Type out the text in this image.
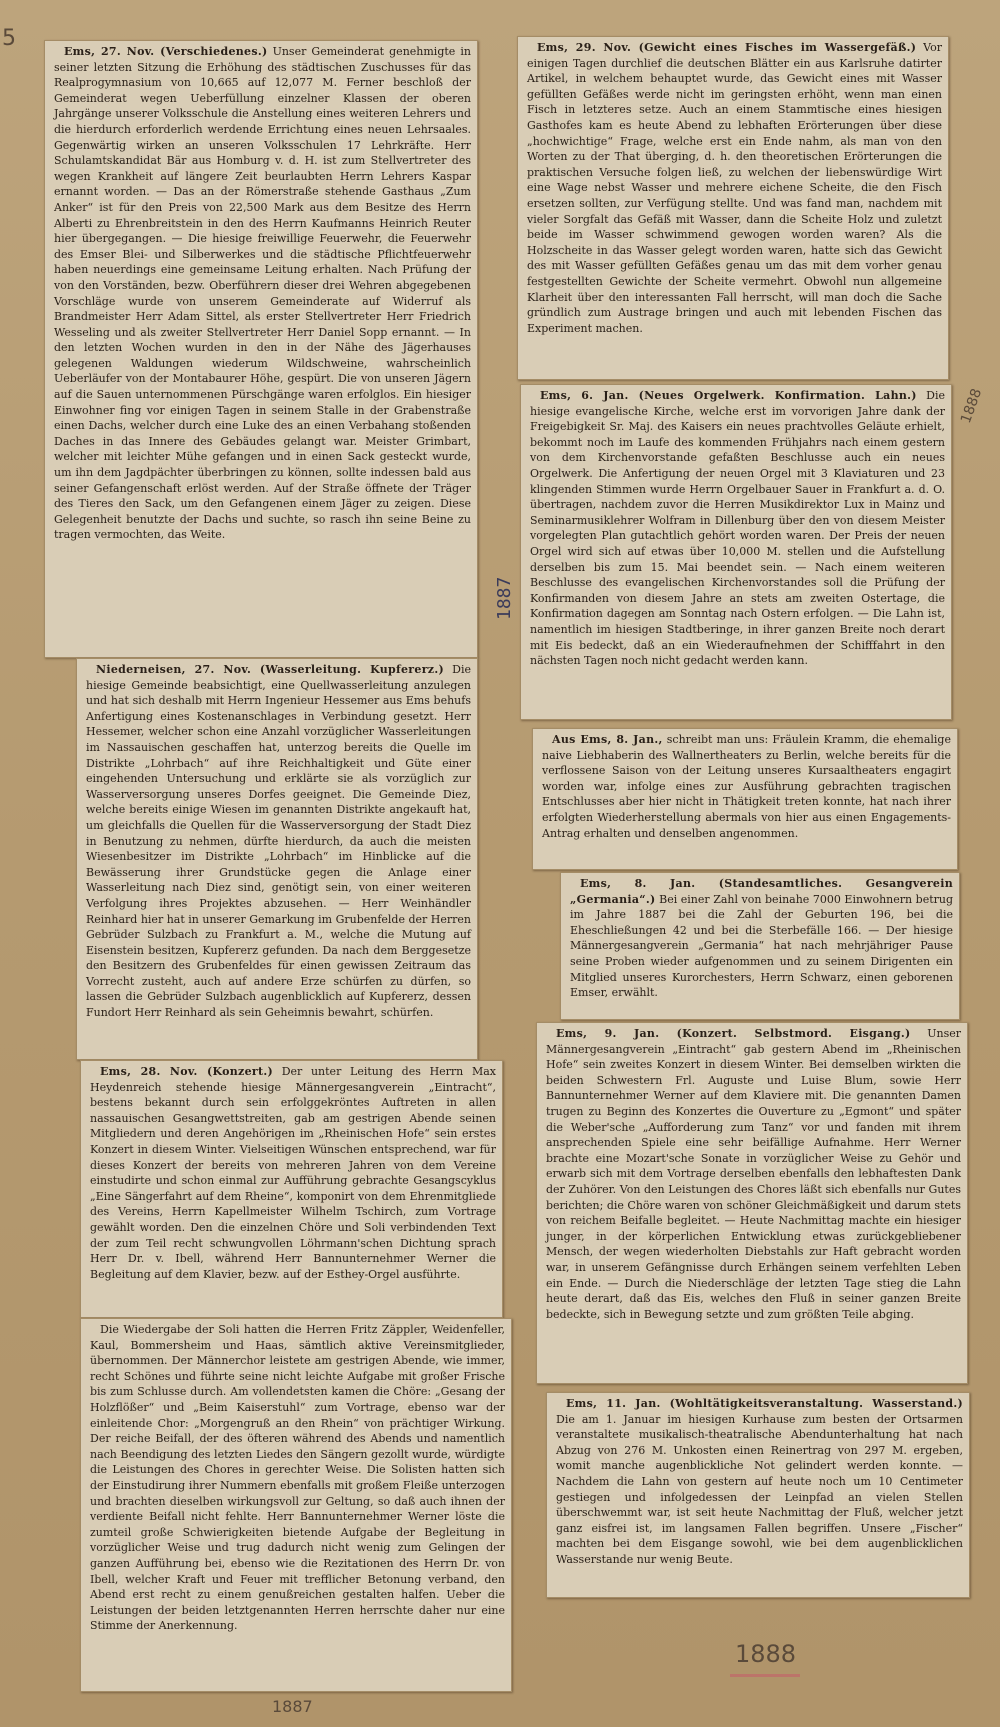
5
1888
1888
1887
1887

Ems, 27. Nov. (Verschiedenes.) Unser Gemeinderat genehmigte in seiner letzten Sitzung die Erhöhung des städtischen Zuschusses für das Realprogymnasium von 10,665 auf 12,077 M. Ferner beschloß der Gemeinderat wegen Ueberfüllung einzelner Klassen der oberen Jahrgänge unserer Volksschule die Anstellung eines weiteren Lehrers und die hierdurch erforderlich werdende Errichtung eines neuen Lehrsaales. Gegenwärtig wirken an unseren Volksschulen 17 Lehrkräfte. Herr Schulamtskandidat Bär aus Homburg v. d. H. ist zum Stellvertreter des wegen Krankheit auf längere Zeit beurlaubten Herrn Lehrers Kaspar ernannt worden. — Das an der Römerstraße stehende Gasthaus „Zum Anker“ ist für den Preis von 22,500 Mark aus dem Besitze des Herrn Alberti zu Ehrenbreitstein in den des Herrn Kaufmanns Heinrich Reuter hier übergegangen. — Die hiesige freiwillige Feuerwehr, die Feuerwehr des Emser Blei- und Silberwerkes und die städtische Pflichtfeuerwehr haben neuerdings eine gemeinsame Leitung erhalten. Nach Prüfung der von den Vorständen, bezw. Oberführern dieser drei Wehren abgegebenen Vorschläge wurde von unserem Gemeinderate auf Widerruf als Brandmeister Herr Adam Sittel, als erster Stellvertreter Herr Friedrich Wesseling und als zweiter Stellvertreter Herr Daniel Sopp ernannt. — In den letzten Wochen wurden in den in der Nähe des Jägerhauses gelegenen Waldungen wiederum Wildschweine, wahrscheinlich Ueberläufer von der Montabaurer Höhe, gespürt. Die von unseren Jägern auf die Sauen unternommenen Pürschgänge waren erfolglos. Ein hiesiger Einwohner fing vor einigen Tagen in seinem Stalle in der Grabenstraße einen Dachs, welcher durch eine Luke des an einen Verbahang stoßenden Daches in das Innere des Gebäudes gelangt war. Meister Grimbart, welcher mit leichter Mühe gefangen und in einen Sack gesteckt wurde, um ihn dem Jagdpächter überbringen zu können, sollte indessen bald aus seiner Gefangenschaft erlöst werden. Auf der Straße öffnete der Träger des Tieres den Sack, um den Gefangenen einem Jäger zu zeigen. Diese Gelegenheit benutzte der Dachs und suchte, so rasch ihn seine Beine zu tragen vermochten, das Weite.

Niederneisen, 27. Nov. (Wasserleitung. Kupfererz.) Die hiesige Gemeinde beabsichtigt, eine Quellwasserleitung anzulegen und hat sich deshalb mit Herrn Ingenieur Hessemer aus Ems behufs Anfertigung eines Kostenanschlages in Verbindung gesetzt. Herr Hessemer, welcher schon eine Anzahl vorzüglicher Wasserleitungen im Nassauischen geschaffen hat, unterzog bereits die Quelle im Distrikte „Lohrbach“ auf ihre Reichhaltigkeit und Güte einer eingehenden Untersuchung und erklärte sie als vorzüglich zur Wasserversorgung unseres Dorfes geeignet. Die Gemeinde Diez, welche bereits einige Wiesen im genannten Distrikte angekauft hat, um gleichfalls die Quellen für die Wasserversorgung der Stadt Diez in Benutzung zu nehmen, dürfte hierdurch, da auch die meisten Wiesenbesitzer im Distrikte „Lohrbach“ im Hinblicke auf die Bewässerung ihrer Grundstücke gegen die Anlage einer Wasserleitung nach Diez sind, genötigt sein, von einer weiteren Verfolgung ihres Projektes abzusehen. — Herr Weinhändler Reinhard hier hat in unserer Gemarkung im Grubenfelde der Herren Gebrüder Sulzbach zu Frankfurt a. M., welche die Mutung auf Eisenstein besitzen, Kupfererz gefunden. Da nach dem Berggesetze den Besitzern des Grubenfeldes für einen gewissen Zeitraum das Vorrecht zusteht, auch auf andere Erze schürfen zu dürfen, so lassen die Gebrüder Sulzbach augenblicklich auf Kupfererz, dessen Fundort Herr Reinhard als sein Geheimnis bewahrt, schürfen.

Ems, 28. Nov. (Konzert.) Der unter Leitung des Herrn Max Heydenreich stehende hiesige Männergesangverein „Eintracht“, bestens bekannt durch sein erfolggekröntes Auftreten in allen nassauischen Gesangwettstreiten, gab am gestrigen Abende seinen Mitgliedern und deren Angehörigen im „Rheinischen Hofe“ sein erstes Konzert in diesem Winter. Vielseitigen Wünschen entsprechend, war für dieses Konzert der bereits von mehreren Jahren von dem Vereine einstudirte und schon einmal zur Aufführung gebrachte Gesangscyklus „Eine Sängerfahrt auf dem Rheine“, komponirt von dem Ehrenmitgliede des Vereins, Herrn Kapellmeister Wilhelm Tschirch, zum Vortrage gewählt worden. Den die einzelnen Chöre und Soli verbindenden Text der zum Teil recht schwungvollen Löhrmann'schen Dichtung sprach Herr Dr. v. Ibell, während Herr Bannunternehmer Werner die Begleitung auf dem Klavier, bezw. auf der Esthey-Orgel ausführte.

Die Wiedergabe der Soli hatten die Herren Fritz Zäppler, Weidenfeller, Kaul, Bommersheim und Haas, sämtlich aktive Vereinsmitglieder, übernommen. Der Männerchor leistete am gestrigen Abende, wie immer, recht Schönes und führte seine nicht leichte Aufgabe mit großer Frische bis zum Schlusse durch. Am vollendetsten kamen die Chöre: „Gesang der Holzflößer“ und „Beim Kaiserstuhl“ zum Vortrage, ebenso war der einleitende Chor: „Morgengruß an den Rhein“ von prächtiger Wirkung. Der reiche Beifall, der des öfteren während des Abends und namentlich nach Beendigung des letzten Liedes den Sängern gezollt wurde, würdigte die Leistungen des Chores in gerechter Weise. Die Solisten hatten sich der Einstudirung ihrer Nummern ebenfalls mit großem Fleiße unterzogen und brachten dieselben wirkungsvoll zur Geltung, so daß auch ihnen der verdiente Beifall nicht fehlte. Herr Bannunternehmer Werner löste die zumteil große Schwierigkeiten bietende Aufgabe der Begleitung in vorzüglicher Weise und trug dadurch nicht wenig zum Gelingen der ganzen Aufführung bei, ebenso wie die Rezitationen des Herrn Dr. von Ibell, welcher Kraft und Feuer mit trefflicher Betonung verband, den Abend erst recht zu einem genußreichen gestalten halfen. Ueber die Leistungen der beiden letztgenannten Herren herrschte daher nur eine Stimme der Anerkennung.

Ems, 29. Nov. (Gewicht eines Fisches im Wassergefäß.) Vor einigen Tagen durchlief die deutschen Blätter ein aus Karlsruhe datirter Artikel, in welchem behauptet wurde, das Gewicht eines mit Wasser gefüllten Gefäßes werde nicht im geringsten erhöht, wenn man einen Fisch in letzteres setze. Auch an einem Stammtische eines hiesigen Gasthofes kam es heute Abend zu lebhaften Erörterungen über diese „hochwichtige“ Frage, welche erst ein Ende nahm, als man von den Worten zu der That überging, d. h. den theoretischen Erörterungen die praktischen Versuche folgen ließ, zu welchen der liebenswürdige Wirt eine Wage nebst Wasser und mehrere eichene Scheite, die den Fisch ersetzen sollten, zur Verfügung stellte. Und was fand man, nachdem mit vieler Sorgfalt das Gefäß mit Wasser, dann die Scheite Holz und zuletzt beide im Wasser schwimmend gewogen worden waren? Als die Holzscheite in das Wasser gelegt worden waren, hatte sich das Gewicht des mit Wasser gefüllten Gefäßes genau um das mit dem vorher genau festgestellten Gewichte der Scheite vermehrt. Obwohl nun allgemeine Klarheit über den interessanten Fall herrscht, will man doch die Sache gründlich zum Austrage bringen und auch mit lebenden Fischen das Experiment machen.

Ems, 6. Jan. (Neues Orgelwerk. Konfirmation. Lahn.) Die hiesige evangelische Kirche, welche erst im vorvorigen Jahre dank der Freigebigkeit Sr. Maj. des Kaisers ein neues prachtvolles Geläute erhielt, bekommt noch im Laufe des kommenden Frühjahrs nach einem gestern von dem Kirchenvorstande gefaßten Beschlusse auch ein neues Orgelwerk. Die Anfertigung der neuen Orgel mit 3 Klaviaturen und 23 klingenden Stimmen wurde Herrn Orgelbauer Sauer in Frankfurt a. d. O. übertragen, nachdem zuvor die Herren Musikdirektor Lux in Mainz und Seminarmusiklehrer Wolfram in Dillenburg über den von diesem Meister vorgelegten Plan gutachtlich gehört worden waren. Der Preis der neuen Orgel wird sich auf etwas über 10,000 M. stellen und die Aufstellung derselben bis zum 15. Mai beendet sein. — Nach einem weiteren Beschlusse des evangelischen Kirchenvorstandes soll die Prüfung der Konfirmanden von diesem Jahre an stets am zweiten Ostertage, die Konfirmation dagegen am Sonntag nach Ostern erfolgen. — Die Lahn ist, namentlich im hiesigen Stadtberinge, in ihrer ganzen Breite noch derart mit Eis bedeckt, daß an ein Wiederaufnehmen der Schifffahrt in den nächsten Tagen noch nicht gedacht werden kann.

Aus Ems, 8. Jan., schreibt man uns: Fräulein Kramm, die ehemalige naive Liebhaberin des Wallnertheaters zu Berlin, welche bereits für die verflossene Saison von der Leitung unseres Kursaaltheaters engagirt worden war, infolge eines zur Ausführung gebrachten tragischen Entschlusses aber hier nicht in Thätigkeit treten konnte, hat nach ihrer erfolgten Wiederherstellung abermals von hier aus einen Engagements-Antrag erhalten und denselben angenommen.

Ems, 8. Jan. (Standesamtliches. Gesangverein „Germania“.) Bei einer Zahl von beinahe 7000 Einwohnern betrug im Jahre 1887 bei die Zahl der Geburten 196, bei die Eheschließungen 42 und bei die Sterbefälle 166. — Der hiesige Männergesangverein „Germania“ hat nach mehrjähriger Pause seine Proben wieder aufgenommen und zu seinem Dirigenten ein Mitglied unseres Kurorchesters, Herrn Schwarz, einen geborenen Emser, erwählt.

Ems, 9. Jan. (Konzert. Selbstmord. Eisgang.) Unser Männergesangverein „Eintracht“ gab gestern Abend im „Rheinischen Hofe“ sein zweites Konzert in diesem Winter. Bei demselben wirkten die beiden Schwestern Frl. Auguste und Luise Blum, sowie Herr Bannunternehmer Werner auf dem Klaviere mit. Die genannten Damen trugen zu Beginn des Konzertes die Ouverture zu „Egmont“ und später die Weber'sche „Aufforderung zum Tanz“ vor und fanden mit ihrem ansprechenden Spiele eine sehr beifällige Aufnahme. Herr Werner brachte eine Mozart'sche Sonate in vorzüglicher Weise zu Gehör und erwarb sich mit dem Vortrage derselben ebenfalls den lebhaftesten Dank der Zuhörer. Von den Leistungen des Chores läßt sich ebenfalls nur Gutes berichten; die Chöre waren von schöner Gleichmäßigkeit und darum stets von reichem Beifalle begleitet. — Heute Nachmittag machte ein hiesiger junger, in der körperlichen Entwicklung etwas zurückgebliebener Mensch, der wegen wiederholten Diebstahls zur Haft gebracht worden war, in unserem Gefängnisse durch Erhängen seinem verfehlten Leben ein Ende. — Durch die Niederschläge der letzten Tage stieg die Lahn heute derart, daß das Eis, welches den Fluß in seiner ganzen Breite bedeckte, sich in Bewegung setzte und zum größten Teile abging.

Ems, 11. Jan. (Wohltätigkeitsveranstaltung. Wasserstand.) Die am 1. Januar im hiesigen Kurhause zum besten der Ortsarmen veranstaltete musikalisch-theatralische Abendunterhaltung hat nach Abzug von 276 M. Unkosten einen Reinertrag von 297 M. ergeben, womit manche augenblickliche Not gelindert werden konnte. — Nachdem die Lahn von gestern auf heute noch um 10 Centimeter gestiegen und infolgedessen der Leinpfad an vielen Stellen überschwemmt war, ist seit heute Nachmittag der Fluß, welcher jetzt ganz eisfrei ist, im langsamen Fallen begriffen. Unsere „Fischer“ machten bei dem Eisgange sowohl, wie bei dem augenblicklichen Wasserstande nur wenig Beute.
